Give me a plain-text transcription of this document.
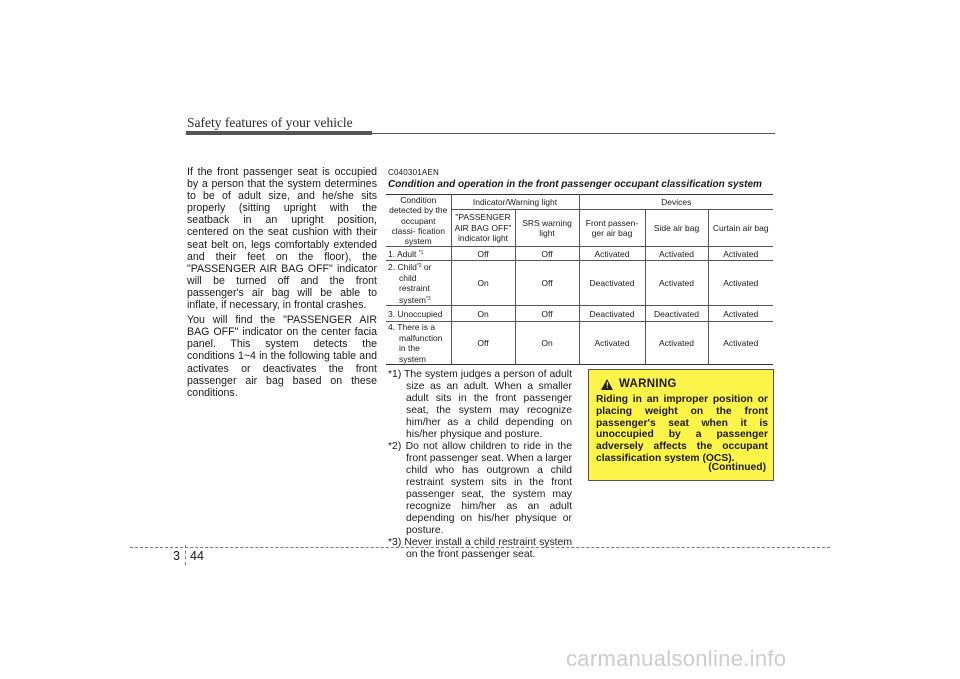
Safety features of your vehicle

If the front passenger seat is occupied by a person that the system determines to be of adult size, and he/she sits properly (sitting upright with the seatback in an upright position, centered on the seat cushion with their seat belt on, legs comfortably extended and their feet on the floor), the "PASSENGER AIR BAG OFF" indicator will be turned off and the front passenger's air bag will be able to inflate, if necessary, in frontal crashes.

You will find the "PASSENGER AIR BAG OFF" indicator on the center facia panel. This system detects the conditions 1~4 in the following table and activates or deactivates the front passenger air bag based on these conditions.

C040301AEN
Condition and operation in the front passenger occupant classification system
Condition detected by the occupant classi- fication system	Indicator/Warning light		Devices		
	"PASSENGER AIR BAG OFF" indicator light	SRS warning light	Front passen- ger air bag	Side air bag	Curtain air bag
1. Adult $^{*1}$	Off	Off	Activated	Activated	Activated
2. Child$^{*2}$ or
child restraint
system$^{*3}$	On	Off	Deactivated	Activated	Activated
3. Unoccupied	On	Off	Deactivated	Deactivated	Activated
4. There is a
malfunction
in the system	Off	On	Activated	Activated	Activated
*1) The system judges a person of adult size as an adult. When a smaller adult sits in the front passenger seat, the system may recognize him/her as a child depending on his/her physique and posture.
*2) Do not allow children to ride in the front passenger seat. When a larger child who has outgrown a child restraint system sits in the front passenger seat, the system may recognize him/her as an adult depending on his/her physique or posture.
*3) Never install a child restraint system on the front passenger seat.
! WARNING
Riding in an improper position or placing weight on the front passenger's seat when it is unoccupied by a passenger adversely affects the occupant classification system (OCS).
(Continued)
3 44
carmanualsonline.info
